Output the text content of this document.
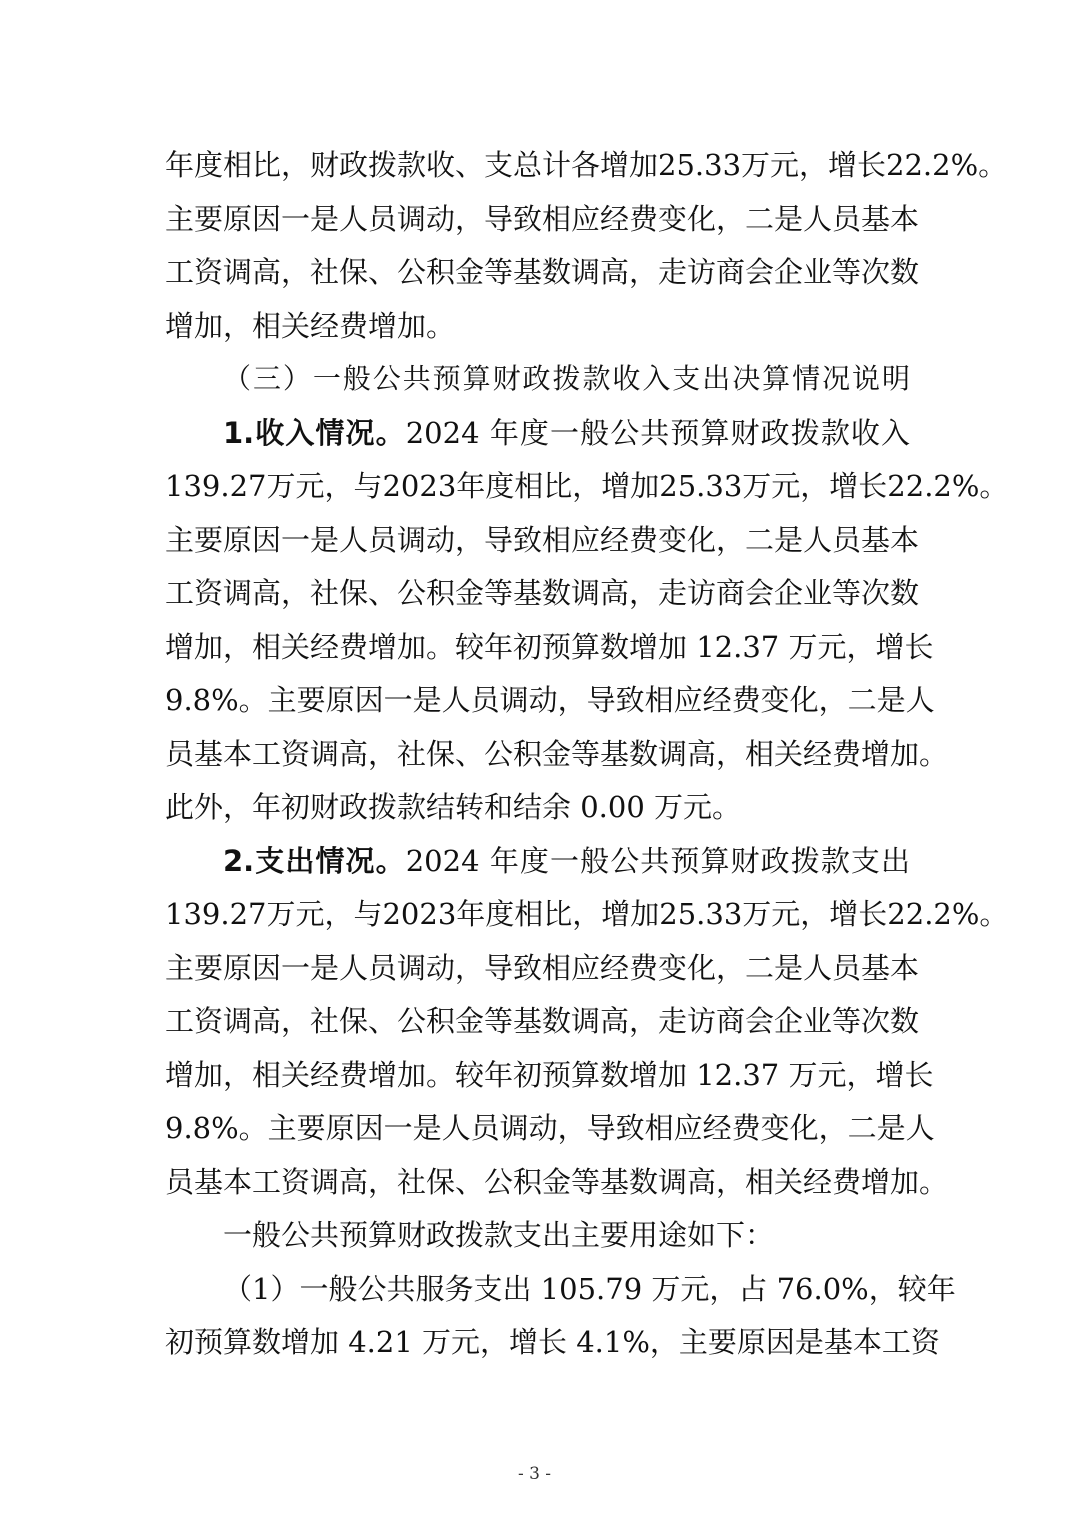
年度相比，财政拨款收、支总计各增加25.33万元，增长22.2%。
主要原因一是人员调动，导致相应经费变化，二是人员基本
工资调高，社保、公积金等基数调高，走访商会企业等次数
增加，相关经费增加。
（三）一般公共预算财政拨款收入支出决算情况说明
1.收入情况。2024 年度一般公共预算财政拨款收入
139.27万元，与2023年度相比，增加25.33万元，增长22.2%。
主要原因一是人员调动，导致相应经费变化，二是人员基本
工资调高，社保、公积金等基数调高，走访商会企业等次数
增加，相关经费增加。较年初预算数增加 12.37 万元，增长
9.8%。主要原因一是人员调动，导致相应经费变化，二是人
员基本工资调高，社保、公积金等基数调高，相关经费增加。
此外，年初财政拨款结转和结余 0.00 万元。
2.支出情况。2024 年度一般公共预算财政拨款支出
139.27万元，与2023年度相比，增加25.33万元，增长22.2%。
主要原因一是人员调动，导致相应经费变化，二是人员基本
工资调高，社保、公积金等基数调高，走访商会企业等次数
增加，相关经费增加。较年初预算数增加 12.37 万元，增长
9.8%。主要原因一是人员调动，导致相应经费变化，二是人
员基本工资调高，社保、公积金等基数调高，相关经费增加。
一般公共预算财政拨款支出主要用途如下：
（1）一般公共服务支出 105.79 万元，占 76.0%，较年
初预算数增加 4.21 万元，增长 4.1%，主要原因是基本工资
- 3 -
